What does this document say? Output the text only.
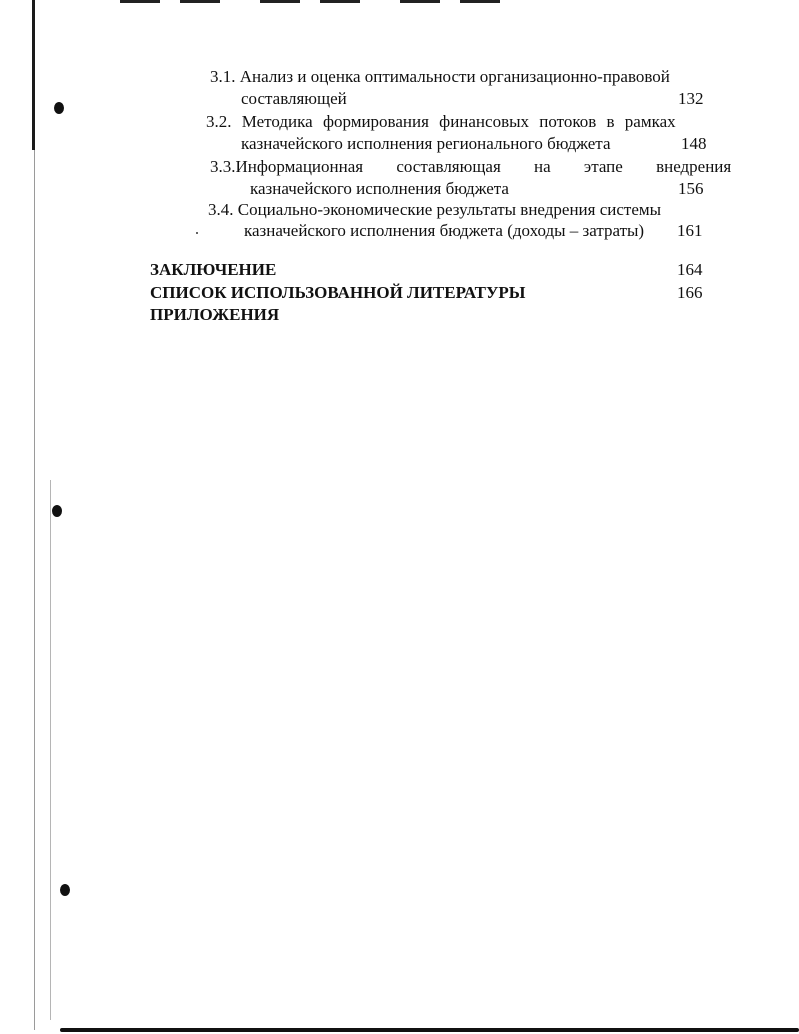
3.1. Анализ и оценка оптимальности организационно-правовой
составляющей	132
3.2. Методика формирования финансовых потоков в рамках
казначейского исполнения регионального бюджета	148
3.3.Информационная составляющая на этапе внедрения
казначейского исполнения бюджета	156
3.4. Социально-экономические результаты внедрения системы
казначейского исполнения бюджета (доходы – затраты) 161
ЗАКЛЮЧЕНИЕ	164
СПИСОК ИСПОЛЬЗОВАННОЙ ЛИТЕРАТУРЫ	166
ПРИЛОЖЕНИЯ
